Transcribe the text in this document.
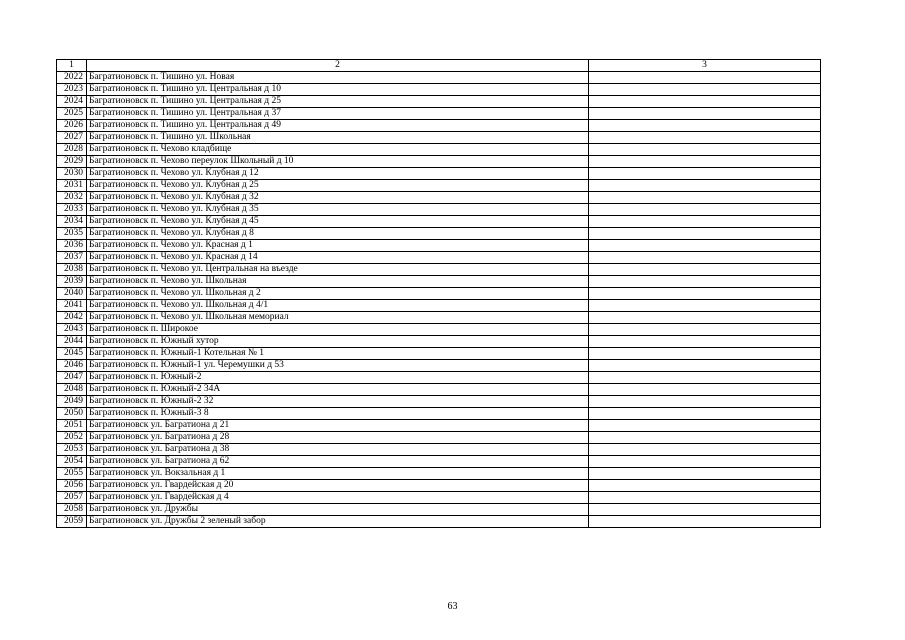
1	2	3
2022	Багратионовск п. Тишино ул. Новая	
2023	Багратионовск п. Тишино ул. Центральная д 10	
2024	Багратионовск п. Тишино ул. Центральная д 25	
2025	Багратионовск п. Тишино ул. Центральная д 37	
2026	Багратионовск п. Тишино ул. Центральная д 49	
2027	Багратионовск п. Тишино ул. Школьная	
2028	Багратионовск п. Чехово кладбище	
2029	Багратионовск п. Чехово переулок Школьный д 10	
2030	Багратионовск п. Чехово ул. Клубная д 12	
2031	Багратионовск п. Чехово ул. Клубная д 25	
2032	Багратионовск п. Чехово ул. Клубная д 32	
2033	Багратионовск п. Чехово ул. Клубная д 35	
2034	Багратионовск п. Чехово ул. Клубная д 45	
2035	Багратионовск п. Чехово ул. Клубная д 8	
2036	Багратионовск п. Чехово ул. Красная д 1	
2037	Багратионовск п. Чехово ул. Красная д 14	
2038	Багратионовск п. Чехово ул. Центральная на въезде	
2039	Багратионовск п. Чехово ул. Школьная	
2040	Багратионовск п. Чехово ул. Школьная д 2	
2041	Багратионовск п. Чехово ул. Школьная д 4/1	
2042	Багратионовск п. Чехово ул. Школьная мемориал	
2043	Багратионовск п. Широкое	
2044	Багратионовск п. Южный хутор	
2045	Багратионовск п. Южный-1 Котельная № 1	
2046	Багратионовск п. Южный-1 ул. Черемушки д 53	
2047	Багратионовск п. Южный-2	
2048	Багратионовск п. Южный-2 34А	
2049	Багратионовск п. Южный-2 32	
2050	Багратионовск п. Южный-3 8	
2051	Багратионовск ул. Багратиона д 21	
2052	Багратионовск ул. Багратиона д 28	
2053	Багратионовск ул. Багратиона д 38	
2054	Багратионовск ул. Багратиона д 62	
2055	Багратионовск ул. Вокзальная д 1	
2056	Багратионовск ул. Гвардейская д 20	
2057	Багратионовск ул. Гвардейская д 4	
2058	Багратионовск ул. Дружбы	
2059	Багратионовск ул. Дружбы 2 зеленый забор	
63
